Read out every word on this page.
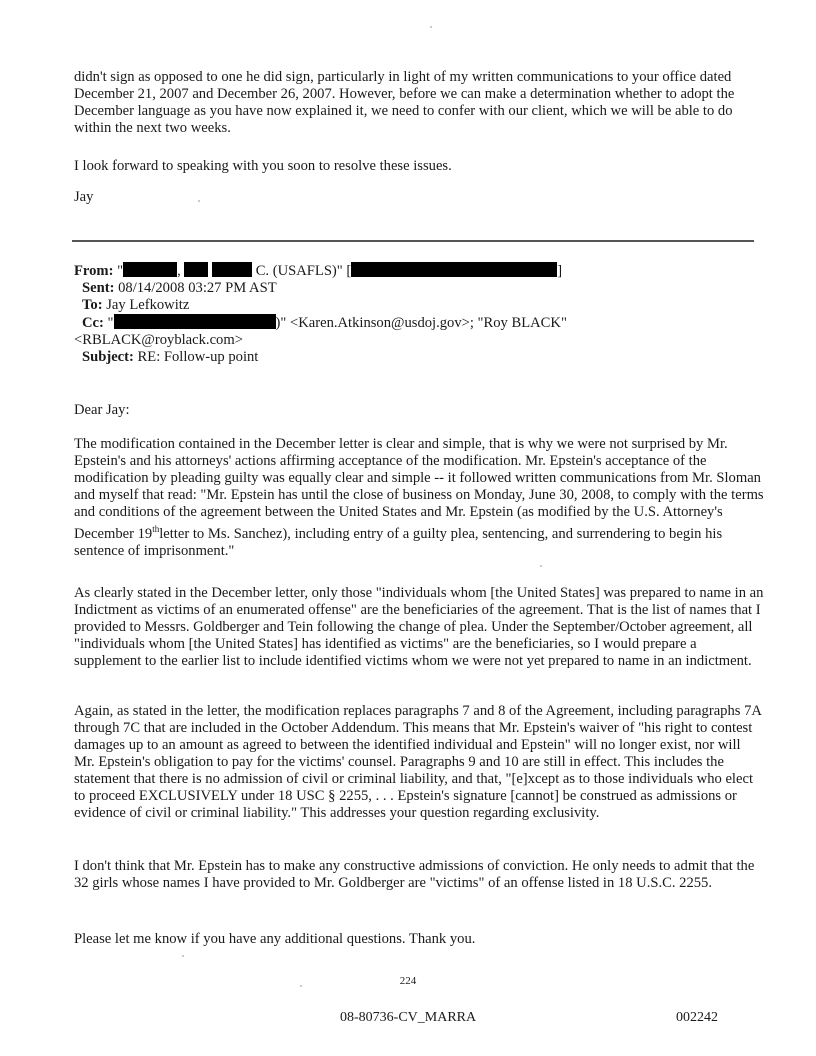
didn't sign as opposed to one he did sign, particularly in light of my written communications to your office dated December 21, 2007 and December 26, 2007. However, before we can make a determination whether to adopt the December language as you have now explained it, we need to confer with our client, which we will be able to do within the next two weeks.

I look forward to speaking with you soon to resolve these issues.

Jay

From: "	,	C. (USAFLS)" [	]
Sent: 08/14/2008 03:27 PM AST
To: Jay Lefkowitz
Cc: "	)" <Karen.Atkinson@usdoj.gov>; "Roy BLACK"
<RBLACK@royblack.com>
Subject: RE: Follow-up point

Dear Jay:

The modification contained in the December letter is clear and simple, that is why we were not surprised by Mr. Epstein's and his attorneys' actions affirming acceptance of the modification. Mr. Epstein's acceptance of the modification by pleading guilty was equally clear and simple -- it followed written communications from Mr. Sloman and myself that read: "Mr. Epstein has until the close of business on Monday, June 30, 2008, to comply with the terms and conditions of the agreement between the United States and Mr. Epstein (as modified by the U.S. Attorney's December 19thletter to Ms. Sanchez), including entry of a guilty plea, sentencing, and surrendering to begin his sentence of imprisonment."

As clearly stated in the December letter, only those "individuals whom [the United States] was prepared to name in an Indictment as victims of an enumerated offense" are the beneficiaries of the agreement. That is the list of names that I provided to Messrs. Goldberger and Tein following the change of plea. Under the September/October agreement, all "individuals whom [the United States] has identified as victims" are the beneficiaries, so I would prepare a supplement to the earlier list to include identified victims whom we were not yet prepared to name in an indictment.

Again, as stated in the letter, the modification replaces paragraphs 7 and 8 of the Agreement, including paragraphs 7A through 7C that are included in the October Addendum. This means that Mr. Epstein's waiver of "his right to contest damages up to an amount as agreed to between the identified individual and Epstein" will no longer exist, nor will Mr. Epstein's obligation to pay for the victims' counsel. Paragraphs 9 and 10 are still in effect. This includes the statement that there is no admission of civil or criminal liability, and that, "[e]xcept as to those individuals who elect to proceed EXCLUSIVELY under 18 USC § 2255, . . . Epstein's signature [cannot] be construed as admissions or evidence of civil or criminal liability." This addresses your question regarding exclusivity.

I don't think that Mr. Epstein has to make any constructive admissions of conviction. He only needs to admit that the 32 girls whose names I have provided to Mr. Goldberger are "victims" of an offense listed in 18 U.S.C. 2255.

Please let me know if you have any additional questions. Thank you.

224
08-80736-CV_MARRA	002242
